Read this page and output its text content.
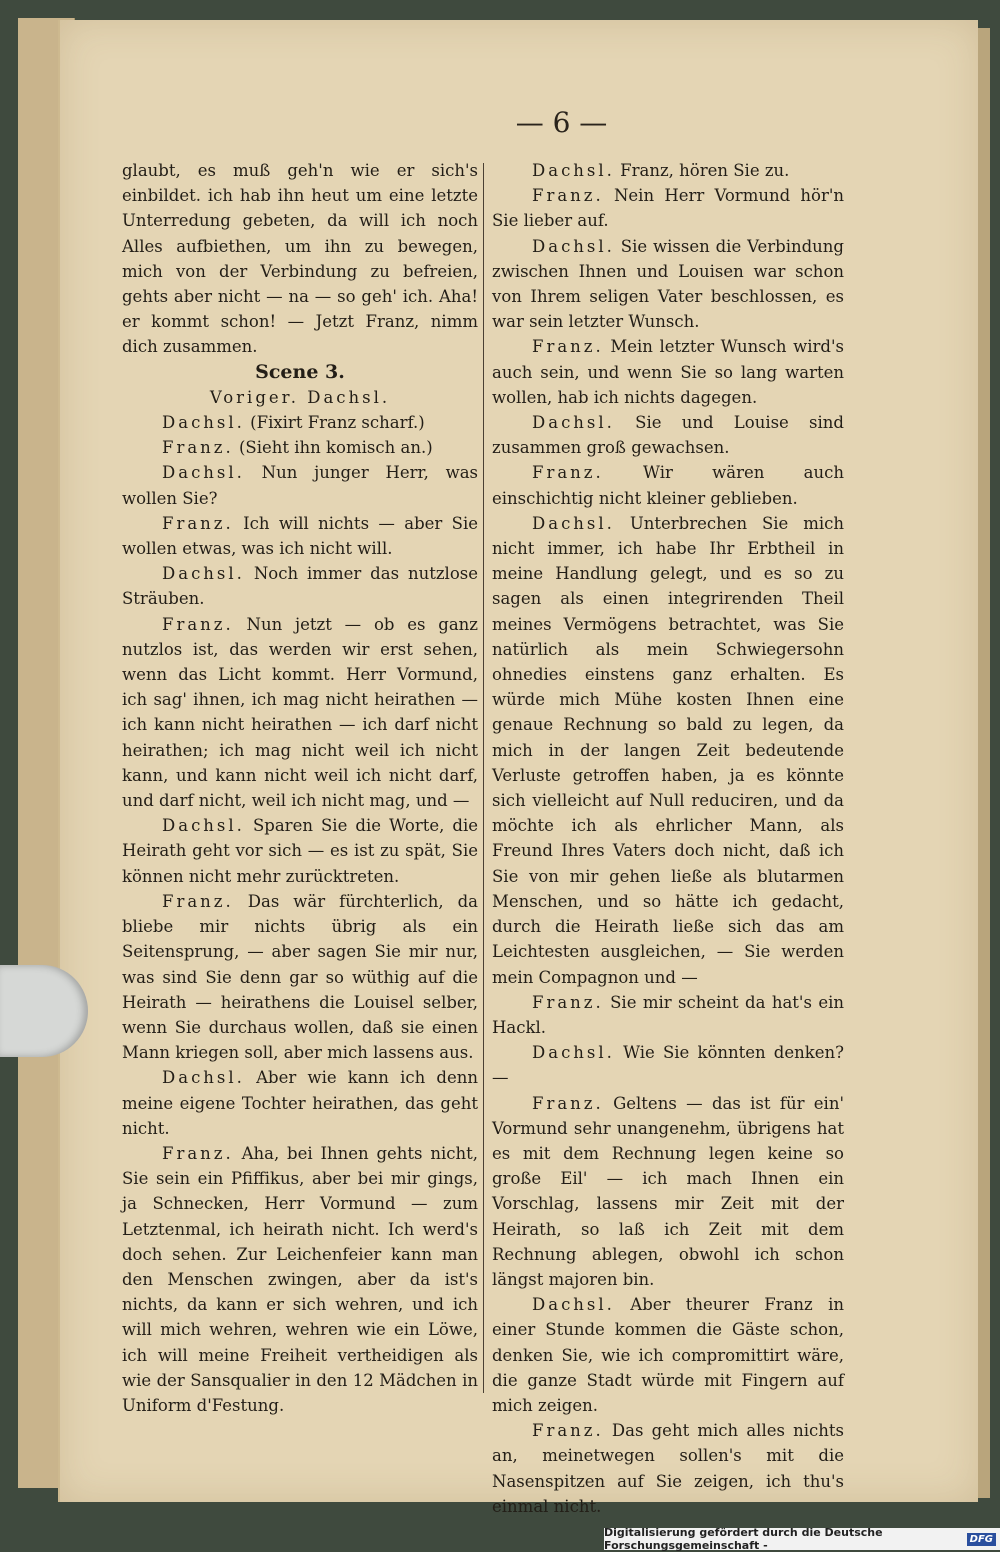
— 6 —

glaubt, es muß geh'n wie er sich's einbildet. ich hab ihn heut um eine letzte Unterredung gebeten, da will ich noch Alles aufbiethen, um ihn zu bewegen, mich von der Verbindung zu befreien, gehts aber nicht — na — so geh' ich. Aha! er kommt schon! — Jetzt Franz, nimm dich zusammen.

Scene 3.

Voriger. Dachsl.

Dachsl. (Fixirt Franz scharf.)

Franz. (Sieht ihn komisch an.)

Dachsl. Nun junger Herr, was wollen Sie?

Franz. Ich will nichts — aber Sie wollen etwas, was ich nicht will.

Dachsl. Noch immer das nutzlose Sträuben.

Franz. Nun jetzt — ob es ganz nutzlos ist, das werden wir erst sehen, wenn das Licht kommt. Herr Vormund, ich sag' ihnen, ich mag nicht heirathen — ich kann nicht heirathen — ich darf nicht heirathen; ich mag nicht weil ich nicht kann, und kann nicht weil ich nicht darf, und darf nicht, weil ich nicht mag, und —

Dachsl. Sparen Sie die Worte, die Heirath geht vor sich — es ist zu spät, Sie können nicht mehr zurücktreten.

Franz. Das wär fürchterlich, da bliebe mir nichts übrig als ein Seitensprung, — aber sagen Sie mir nur, was sind Sie denn gar so wüthig auf die Heirath — heirathens die Louisel selber, wenn Sie durchaus wollen, daß sie einen Mann kriegen soll, aber mich lassens aus.

Dachsl. Aber wie kann ich denn meine eigene Tochter heirathen, das geht nicht.

Franz. Aha, bei Ihnen gehts nicht, Sie sein ein Pfiffikus, aber bei mir gings, ja Schnecken, Herr Vormund — zum Letztenmal, ich heirath nicht. Ich werd's doch sehen. Zur Leichenfeier kann man den Menschen zwingen, aber da ist's nichts, da kann er sich wehren, und ich will mich wehren, wehren wie ein Löwe, ich will meine Freiheit vertheidigen als wie der Sansqualier in den 12 Mädchen in Uniform d'Festung.

Dachsl. Franz, hören Sie zu.

Franz. Nein Herr Vormund hör'n Sie lieber auf.

Dachsl. Sie wissen die Verbindung zwischen Ihnen und Louisen war schon von Ihrem seligen Vater beschlossen, es war sein letzter Wunsch.

Franz. Mein letzter Wunsch wird's auch sein, und wenn Sie so lang warten wollen, hab ich nichts dagegen.

Dachsl. Sie und Louise sind zusammen groß gewachsen.

Franz. Wir wären auch einschichtig nicht kleiner geblieben.

Dachsl. Unterbrechen Sie mich nicht immer, ich habe Ihr Erbtheil in meine Handlung gelegt, und es so zu sagen als einen integrirenden Theil meines Vermögens betrachtet, was Sie natürlich als mein Schwiegersohn ohnedies einstens ganz erhalten. Es würde mich Mühe kosten Ihnen eine genaue Rechnung so bald zu legen, da mich in der langen Zeit bedeutende Verluste getroffen haben, ja es könnte sich vielleicht auf Null reduciren, und da möchte ich als ehrlicher Mann, als Freund Ihres Vaters doch nicht, daß ich Sie von mir gehen ließe als blutarmen Menschen, und so hätte ich gedacht, durch die Heirath ließe sich das am Leichtesten ausgleichen, — Sie werden mein Compagnon und —

Franz. Sie mir scheint da hat's ein Hackl.

Dachsl. Wie Sie könnten denken? —

Franz. Geltens — das ist für ein' Vormund sehr unangenehm, übrigens hat es mit dem Rechnung legen keine so große Eil' — ich mach Ihnen ein Vorschlag, lassens mir Zeit mit der Heirath, so laß ich Zeit mit dem Rechnung ablegen, obwohl ich schon längst majoren bin.

Dachsl. Aber theurer Franz in einer Stunde kommen die Gäste schon, denken Sie, wie ich compromittirt wäre, die ganze Stadt würde mit Fingern auf mich zeigen.

Franz. Das geht mich alles nichts an, meinetwegen sollen's mit die Nasenspitzen auf Sie zeigen, ich thu's einmal nicht.

Digitalisierung gefördert durch die Deutsche Forschungsgemeinschaft -	DFG
